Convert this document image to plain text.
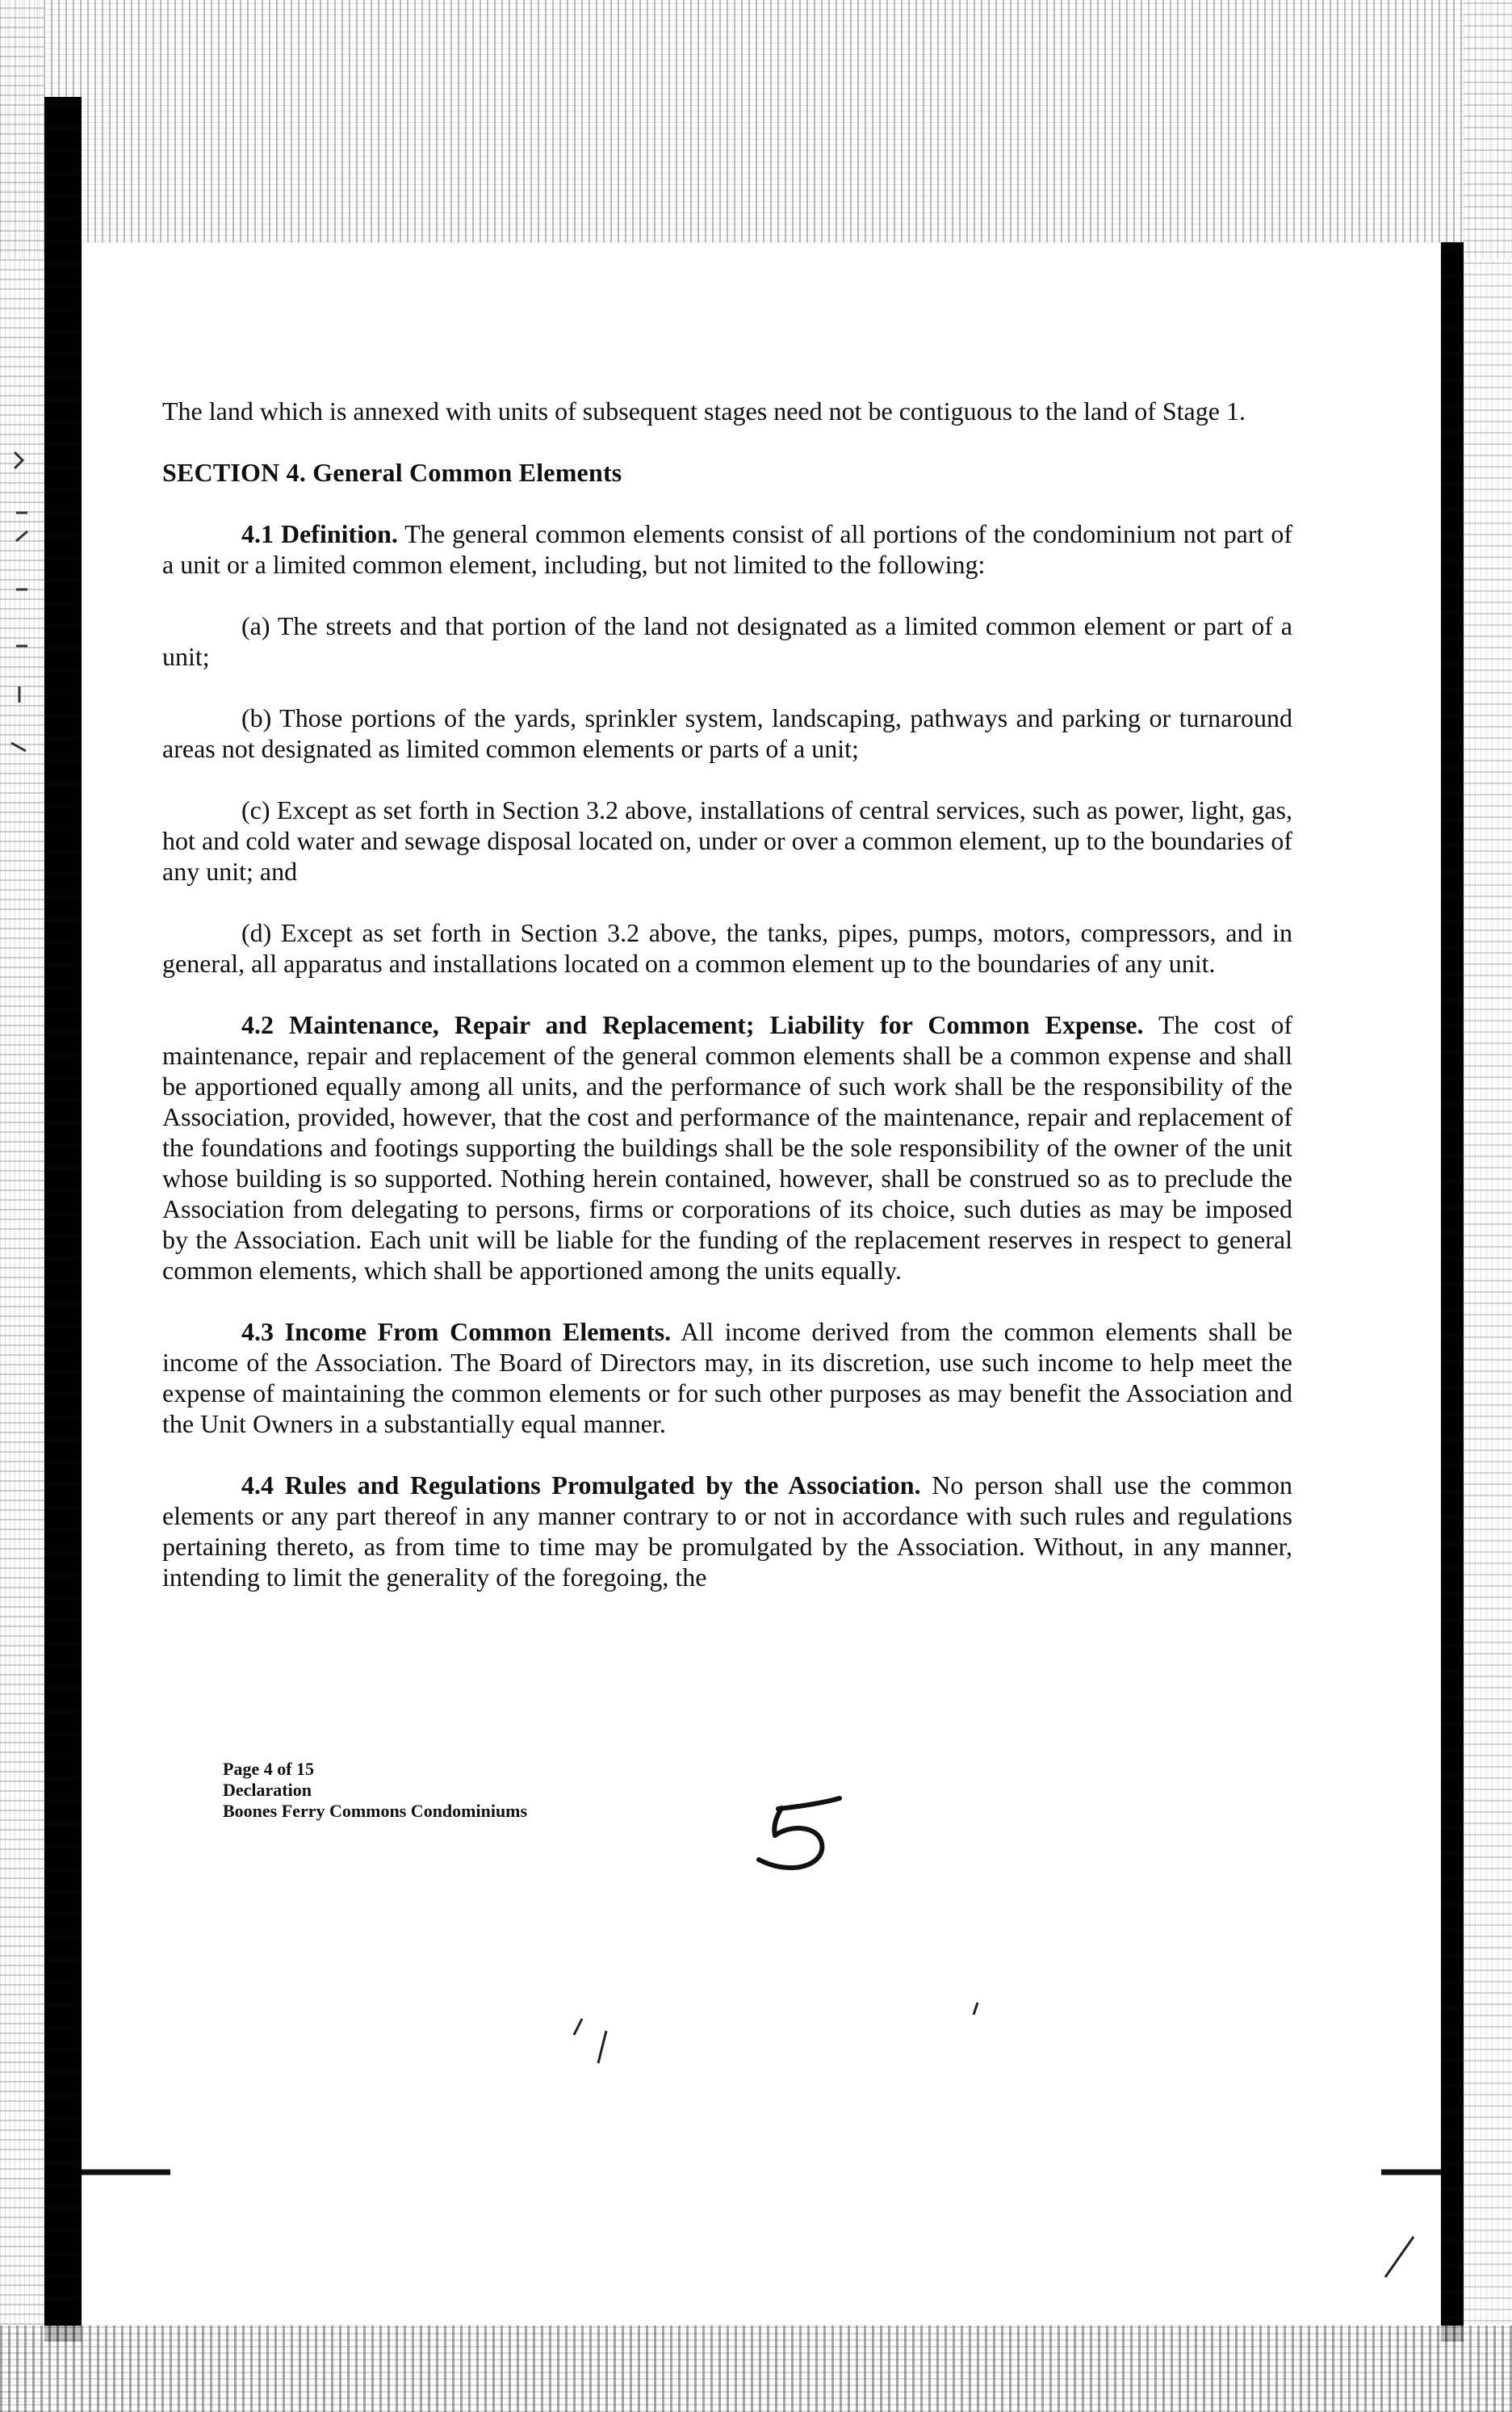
The land which is annexed with units of subsequent stages need not be contiguous to the land of Stage 1.

SECTION 4. General Common Elements

4.1 Definition. The general common elements consist of all portions of the condominium not part of a unit or a limited common element, including, but not limited to the following:

(a) The streets and that portion of the land not designated as a limited common element or part of a unit;

(b) Those portions of the yards, sprinkler system, landscaping, pathways and parking or turnaround areas not designated as limited common elements or parts of a unit;

(c) Except as set forth in Section 3.2 above, installations of central services, such as power, light, gas, hot and cold water and sewage disposal located on, under or over a common element, up to the boundaries of any unit; and

(d) Except as set forth in Section 3.2 above, the tanks, pipes, pumps, motors, compressors, and in general, all apparatus and installations located on a common element up to the boundaries of any unit.

4.2 Maintenance, Repair and Replacement; Liability for Common Expense. The cost of maintenance, repair and replacement of the general common elements shall be a common expense and shall be apportioned equally among all units, and the performance of such work shall be the responsibility of the Association, provided, however, that the cost and performance of the maintenance, repair and replacement of the foundations and footings supporting the buildings shall be the sole responsibility of the owner of the unit whose building is so supported. Nothing herein contained, however, shall be construed so as to preclude the Association from delegating to persons, firms or corporations of its choice, such duties as may be imposed by the Association. Each unit will be liable for the funding of the replacement reserves in respect to general common elements, which shall be apportioned among the units equally.

4.3 Income From Common Elements. All income derived from the common elements shall be income of the Association. The Board of Directors may, in its discretion, use such income to help meet the expense of maintaining the common elements or for such other purposes as may benefit the Association and the Unit Owners in a substantially equal manner.

4.4 Rules and Regulations Promulgated by the Association. No person shall use the common elements or any part thereof in any manner contrary to or not in accordance with such rules and regulations pertaining thereto, as from time to time may be promulgated by the Association. Without, in any manner, intending to limit the generality of the foregoing, the

Page 4 of 15
Declaration
Boones Ferry Commons Condominiums
